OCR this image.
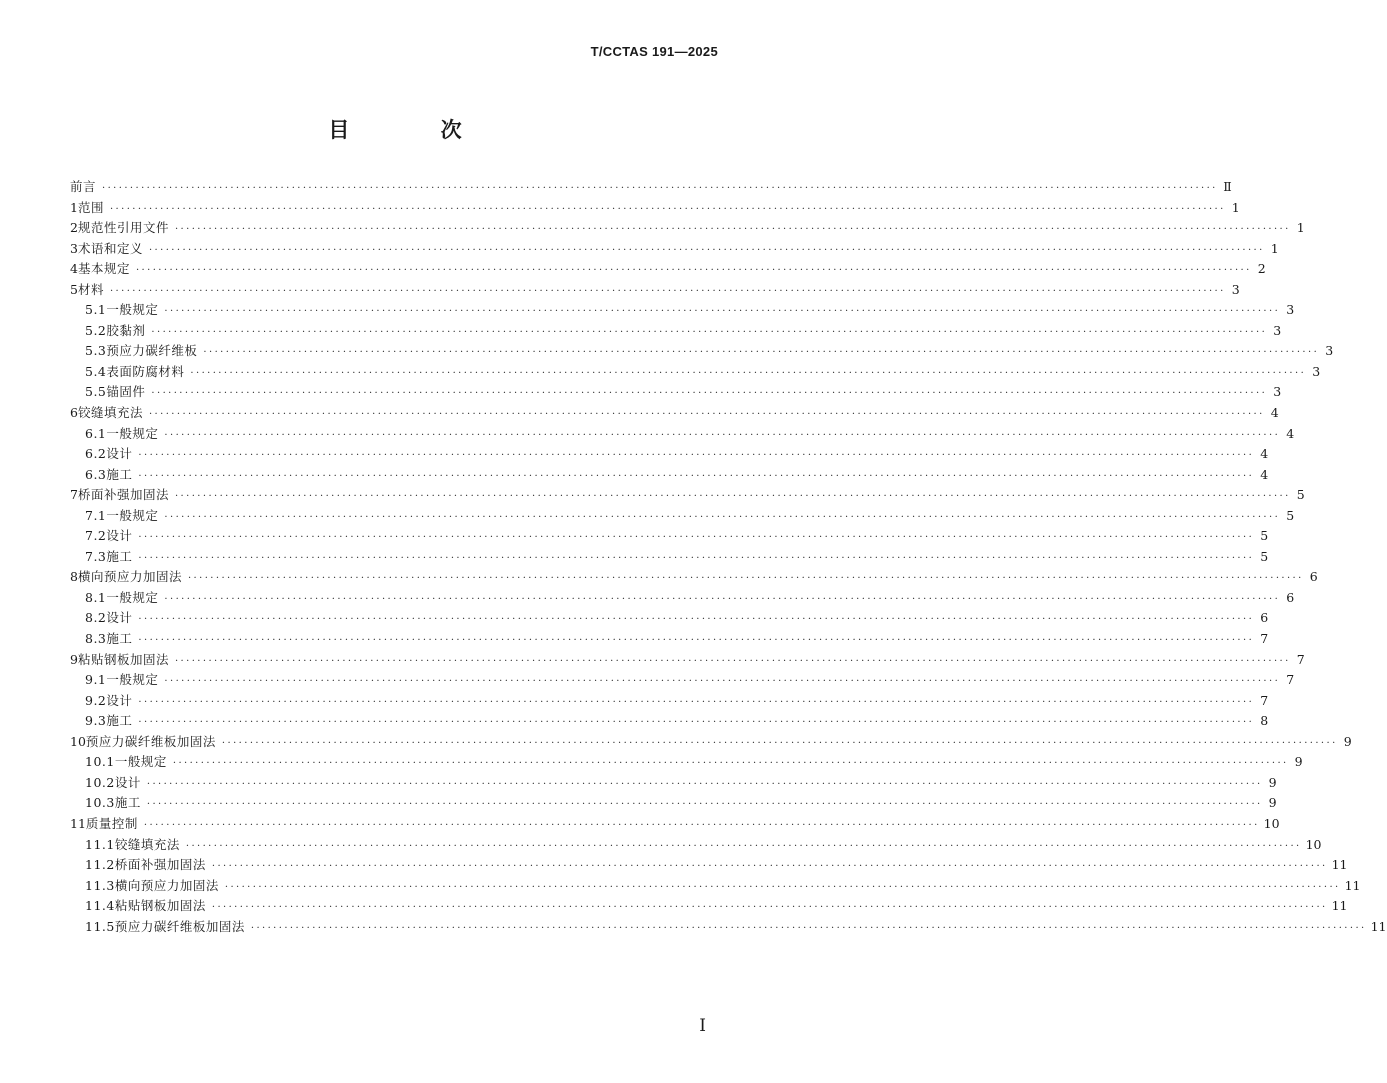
T/CCTAS 191—2025
目 次
前言 ········································································································································································································ Ⅱ
1 范围 ········································································································································································································ 1
2 规范性引用文件 ········································································································································································································ 1
3 术语和定义 ········································································································································································································ 1
4 基本规定 ········································································································································································································ 2
5 材料 ········································································································································································································ 3
5.1 一般规定 ········································································································································································································ 3
5.2 胶黏剂 ········································································································································································································ 3
5.3 预应力碳纤维板 ········································································································································································································ 3
5.4 表面防腐材料 ········································································································································································································ 3
5.5 锚固件 ········································································································································································································ 3
6 铰缝填充法 ········································································································································································································ 4
6.1 一般规定 ········································································································································································································ 4
6.2 设计 ········································································································································································································ 4
6.3 施工 ········································································································································································································ 4
7 桥面补强加固法 ········································································································································································································ 5
7.1 一般规定 ········································································································································································································ 5
7.2 设计 ········································································································································································································ 5
7.3 施工 ········································································································································································································ 5
8 横向预应力加固法 ········································································································································································································ 6
8.1 一般规定 ········································································································································································································ 6
8.2 设计 ········································································································································································································ 6
8.3 施工 ········································································································································································································ 7
9 粘贴钢板加固法 ········································································································································································································ 7
9.1 一般规定 ········································································································································································································ 7
9.2 设计 ········································································································································································································ 7
9.3 施工 ········································································································································································································ 8
10 预应力碳纤维板加固法 ········································································································································································································ 9
10.1 一般规定 ········································································································································································································ 9
10.2 设计 ········································································································································································································ 9
10.3 施工 ········································································································································································································ 9
11 质量控制 ········································································································································································································ 10
11.1 铰缝填充法 ········································································································································································································ 10
11.2 桥面补强加固法 ········································································································································································································ 11
11.3 横向预应力加固法 ········································································································································································································ 11
11.4 粘贴钢板加固法 ········································································································································································································ 11
11.5 预应力碳纤维板加固法 ········································································································································································································ 11
I
